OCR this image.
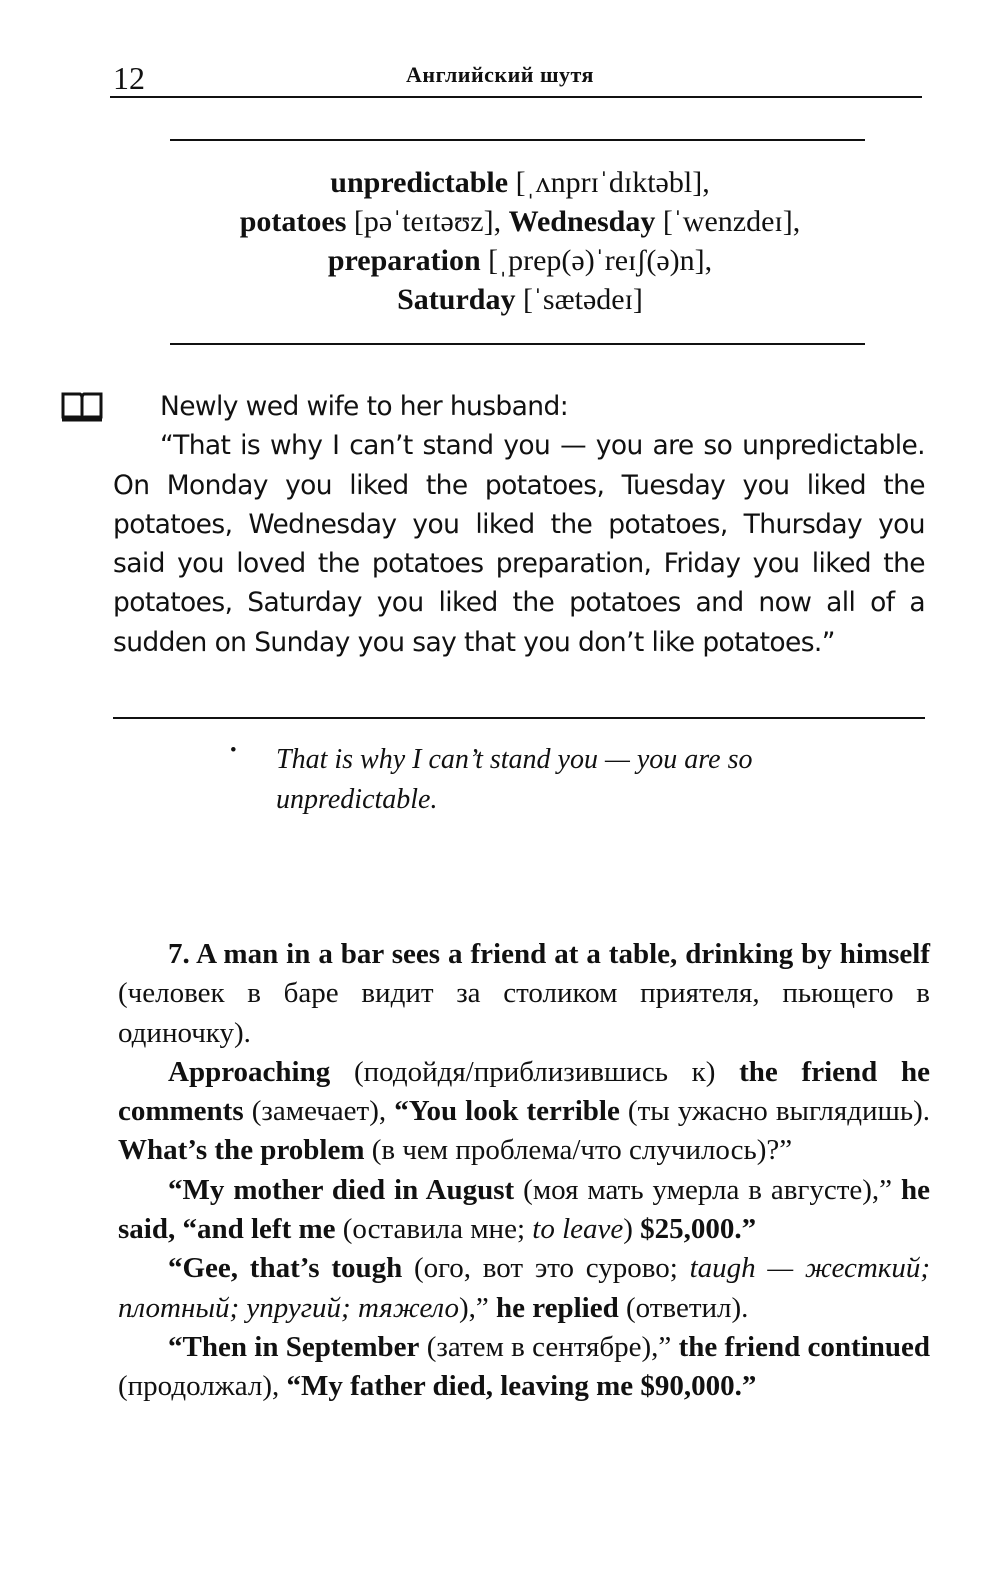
12	Английский шутя
unpredictable [ˌʌnprɪˈdɪktəbl],
potatoes [pəˈteɪtəʊz], Wednesday [ˈwenzdeɪ],
preparation [ˌprep(ə)ˈreɪʃ(ə)n],
Saturday [ˈsætədeɪ]

Newly wed wife to her husband:

“That is why I can’t stand you — you are so unpredictable. On Monday you liked the potatoes, Tuesday you liked the potatoes, Wednesday you liked the potatoes, Thursday you said you loved the potatoes preparation, Friday you liked the potatoes, Saturday you liked the potatoes and now all of a sudden on Sunday you say that you don’t like potatoes.”

• That is why I can’t stand you — you are so unpredictable.

7. A man in a bar sees a friend at a table, drinking by himself (человек в баре видит за столиком приятеля, пьющего в одиночку).

Approaching (подойдя/приблизившись к) the friend he comments (замечает), “You look terrible (ты ужасно выглядишь). What’s the problem (в чем проблема/что случилось)?”

“My mother died in August (моя мать умерла в августе),” he said, “and left me (оставила мне; to leave) $25,000.”

“Gee, that’s tough (ого, вот это сурово; taugh — жесткий; плотный; упругий; тяжело),” he replied (ответил).

“Then in September (затем в сентябре),” the friend continued (продолжал), “My father died, leaving me $90,000.”
